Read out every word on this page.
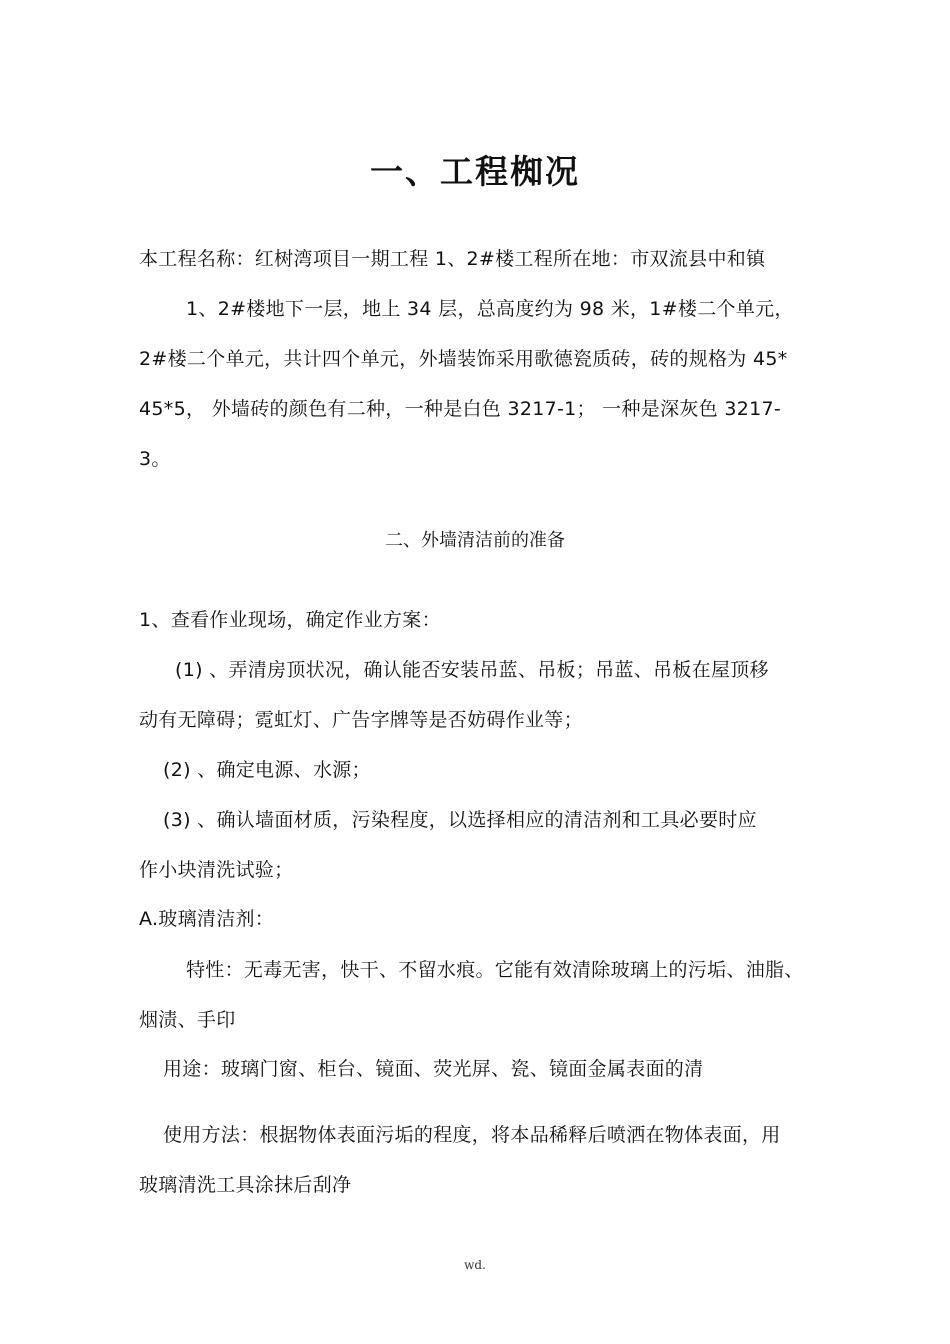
一、工程椥况
本工程名称：红树湾项目一期工程 1、2#楼工程所在地：市双流县中和镇
1、2#楼地下一层，地上 34 层，总高度约为 98 米，1#楼二个单元，
2#楼二个单元，共计四个单元，外墙装饰采用歌德瓷质砖，砖的规格为 45*
45*5， 外墙砖的颜色有二种，一种是白色 3217-1； 一种是深灰色 3217-
3。
二、外墙清洁前的准备
1、查看作业现场，确定作业方案：
(1) 、弄清房顶状况，确认能否安装吊蓝、吊板；吊蓝、吊板在屋顶移
动有无障碍；霓虹灯、广告字牌等是否妨碍作业等；
(2) 、确定电源、水源；
(3) 、确认墙面材质，污染程度，以选择相应的清洁剂和工具必要时应
作小块清洗试验；
A.玻璃清洁剂：
特性：无毒无害，快干、不留水痕。它能有效清除玻璃上的污垢、油脂、
烟渍、手印
用途：玻璃门窗、柜台、镜面、荧光屏、瓷、镜面金属表面的清
使用方法：根据物体表面污垢的程度，将本品稀释后喷洒在物体表面，用
玻璃清洗工具涂抹后刮净
wd.
